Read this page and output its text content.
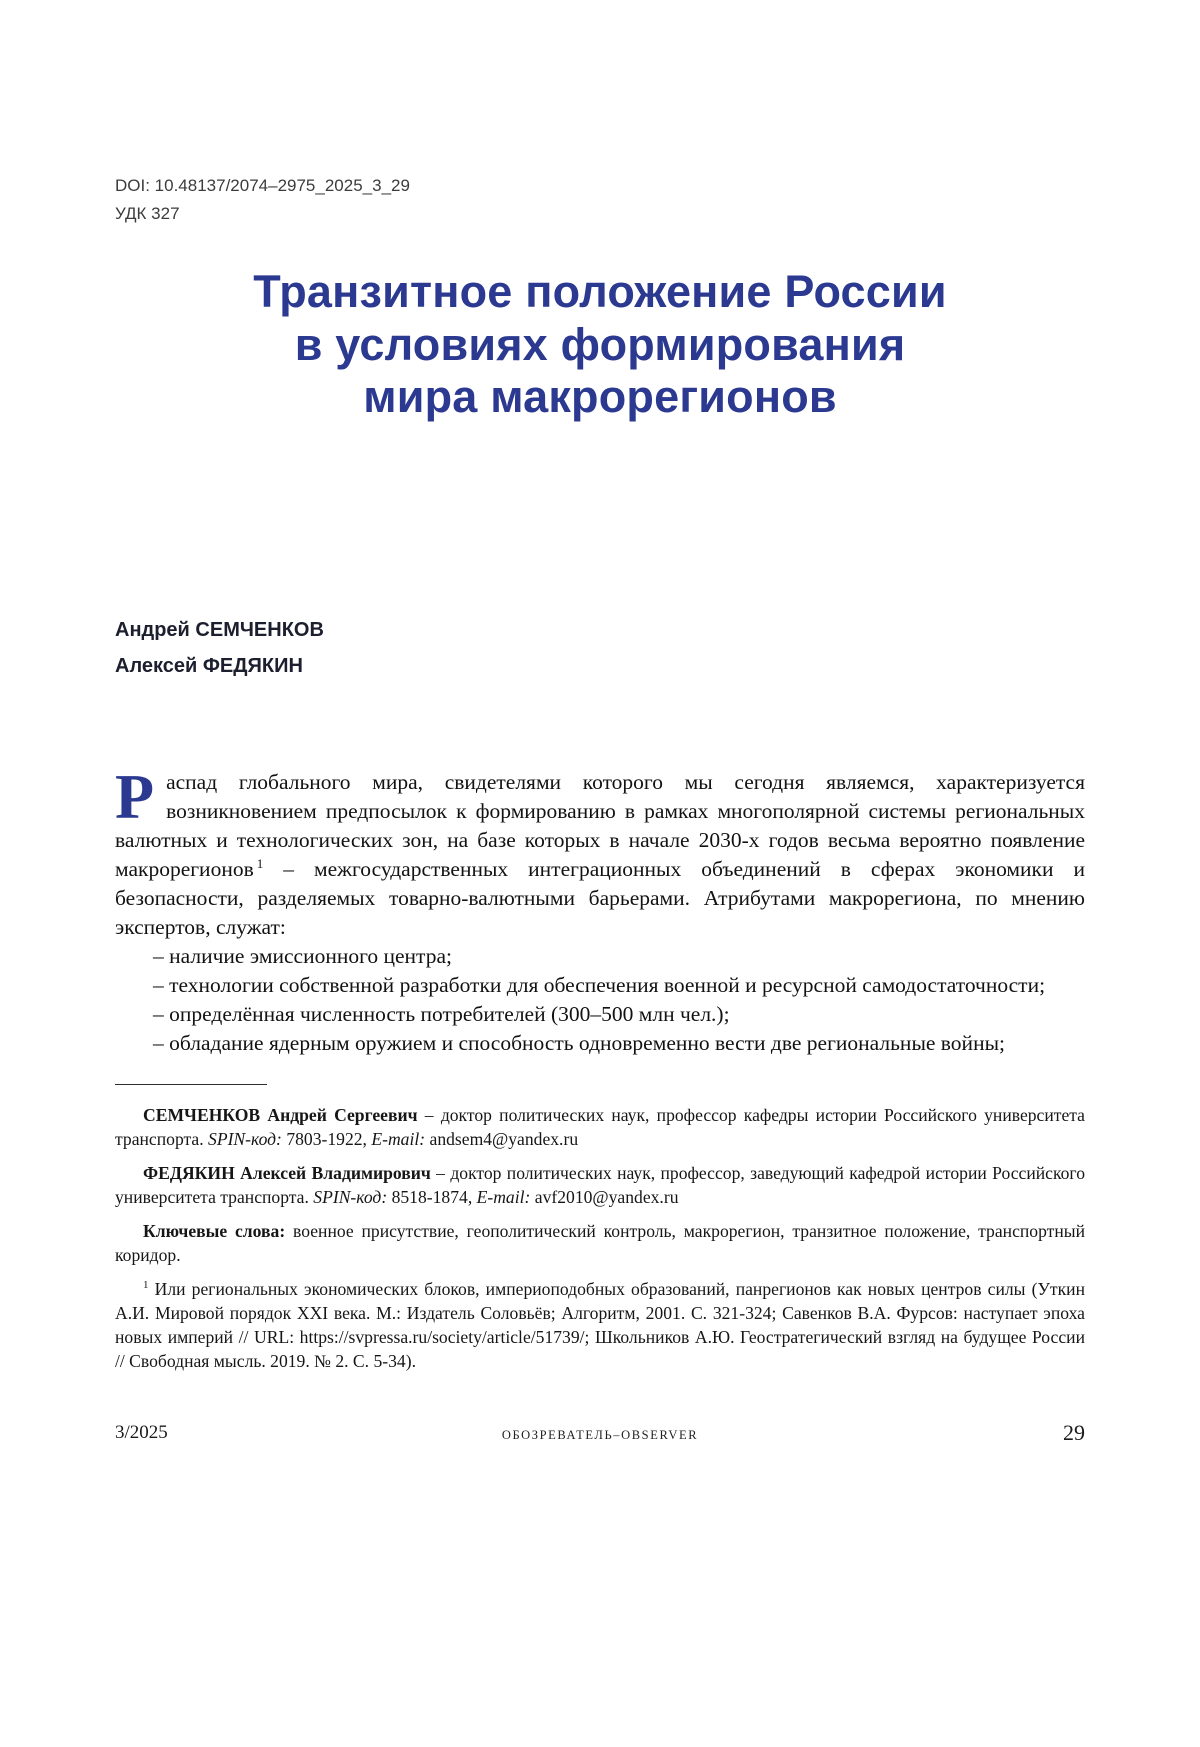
DOI: 10.48137/2074–2975_2025_3_29
УДК 327
Транзитное положение России
в условиях формирования
мира макрорегионов
Андрей СЕМЧЕНКОВ
Алексей ФЕДЯКИН

Распад глобального мира, свидетелями которого мы сегодня являемся, характеризуется возникновением предпосылок к формированию в рамках многополярной системы региональных валютных и технологических зон, на базе которых в начале 2030-х годов весьма вероятно появление макрорегионов $^1$ – межгосударственных интеграционных объединений в сферах экономики и безопасности, разделяемых товарно-валютными барьерами. Атрибутами макрорегиона, по мнению экспертов, служат:

– наличие эмиссионного центра;

– технологии собственной разработки для обеспечения военной и ресурсной самодостаточности;

– определённая численность потребителей (300–500 млн чел.);

– обладание ядерным оружием и способность одновременно вести две региональные войны;

СЕМЧЕНКОВ Андрей Сергеевич – доктор политических наук, профессор кафедры истории Российского университета транспорта. SPIN-код: 7803-1922, E-mail: andsem4@yandex.ru

ФЕДЯКИН Алексей Владимирович – доктор политических наук, профессор, заведующий кафедрой истории Российского университета транспорта. SPIN-код: 8518-1874, E-mail: avf2010@yandex.ru

Ключевые слова: военное присутствие, геополитический контроль, макрорегион, транзитное положение, транспортный коридор.

$^1$ Или региональных экономических блоков, империоподобных образований, панрегионов как новых центров силы (Уткин А.И. Мировой порядок XXI века. М.: Издатель Соловьёв; Алгоритм, 2001. С. 321-324; Савенков В.А. Фурсов: наступает эпоха новых империй // URL: https://svpressa.ru/society/article/51739/; Школьников А.Ю. Геостратегический взгляд на будущее России // Свободная мысль. 2019. № 2. С. 5-34).

3/2025	ОБОЗРЕВАТЕЛЬ–OBSERVER	29
